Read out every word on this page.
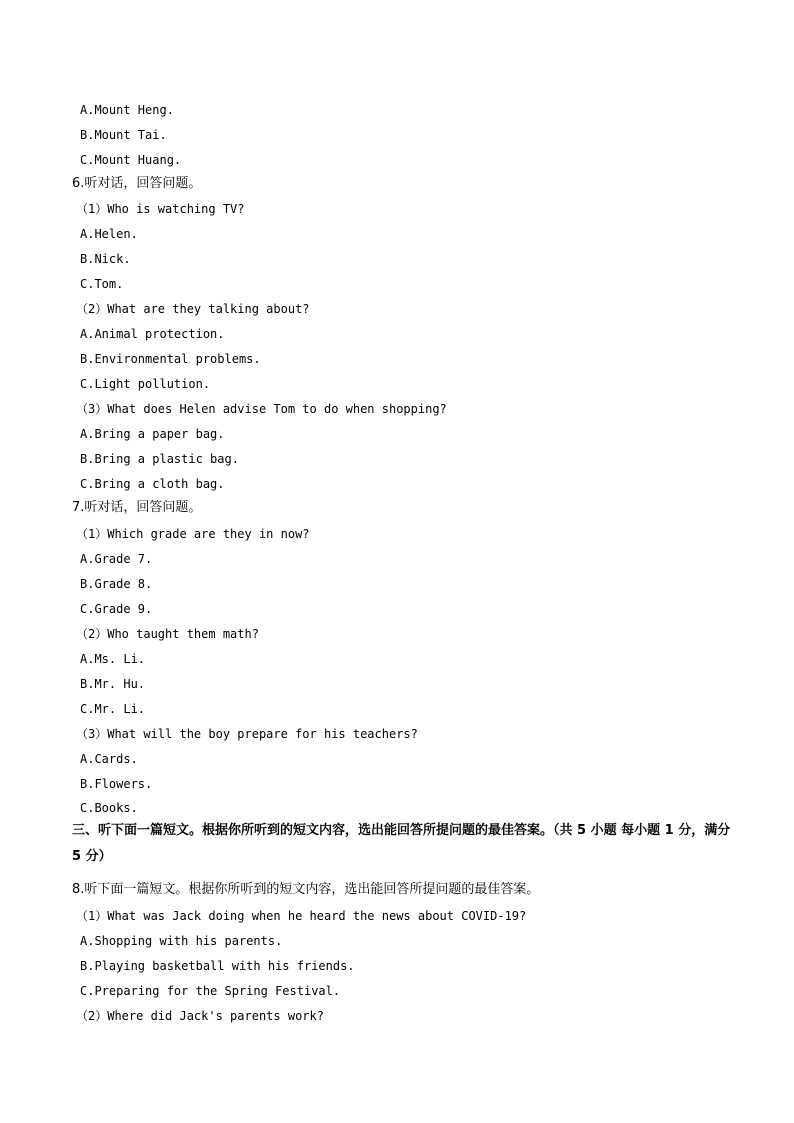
A.Mount Heng.
B.Mount Tai.
C.Mount Huang.
6.听对话，回答问题。
（1）Who is watching TV?
A.Helen.
B.Nick.
C.Tom.
（2）What are they talking about?
A.Animal protection.
B.Environmental problems.
C.Light pollution.
（3）What does Helen advise Tom to do when shopping?
A.Bring a paper bag.
B.Bring a plastic bag.
C.Bring a cloth bag.
7.听对话，回答问题。
（1）Which grade are they in now?
A.Grade 7.
B.Grade 8.
C.Grade 9.
（2）Who taught them math?
A.Ms. Li.
B.Mr. Hu.
C.Mr. Li.
（3）What will the boy prepare for his teachers?
A.Cards.
B.Flowers.
C.Books.
三、听下面一篇短文。根据你所听到的短文内容，选出能回答所提问题的最佳答案。（共 5 小题 每小题 1 分，满分 5 分）
8.听下面一篇短文。根据你所听到的短文内容，选出能回答所提问题的最佳答案。
（1）What was Jack doing when he heard the news about COVID-19?
A.Shopping with his parents.
B.Playing basketball with his friends.
C.Preparing for the Spring Festival.
（2）Where did Jack's parents work?
